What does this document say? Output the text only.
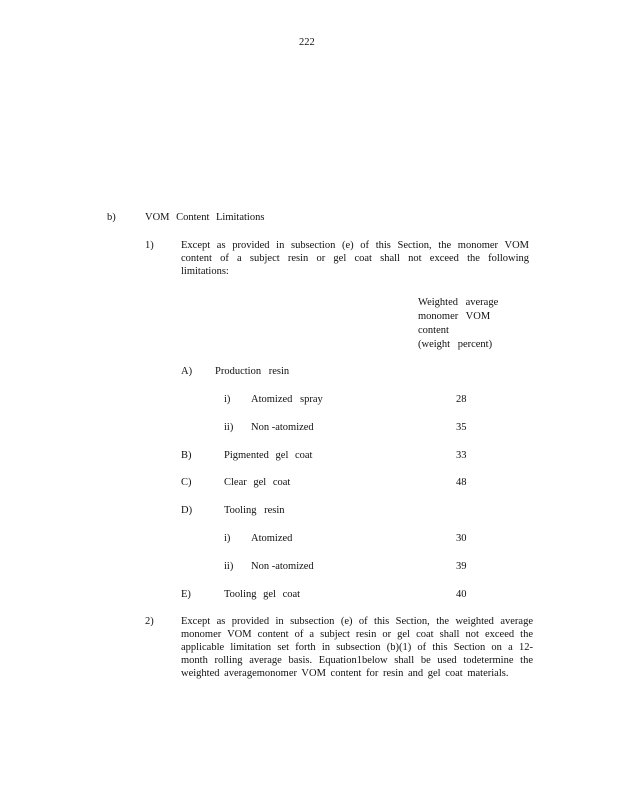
222
b)	VOM Content Limitations
1)	Except as provided in subsection (e) of this Section, the monomer VOM content of a subject resin or gel coat shall not exceed the following limitations:
Weighted average
monomer VOM
content
(weight percent)
A) Production resin
i) Atomized spray	28
ii) Non -atomized	35
B)	Pigmented gel coat	33
C)	Clear gel coat	48
D)	Tooling resin
i) Atomized	30
ii) Non -atomized	39
E)	Tooling gel coat	40
2)	Except as provided in subsection (e) of this Section, the weighted average monomer VOM content of a subject resin or gel coat shall not exceed the applicable limitation set forth in subsection (b)(1) of this Section on a 12-month rolling average basis. Equation1below shall be used todetermine the weighted averagemonomer VOM content for resin and gel coat materials.
